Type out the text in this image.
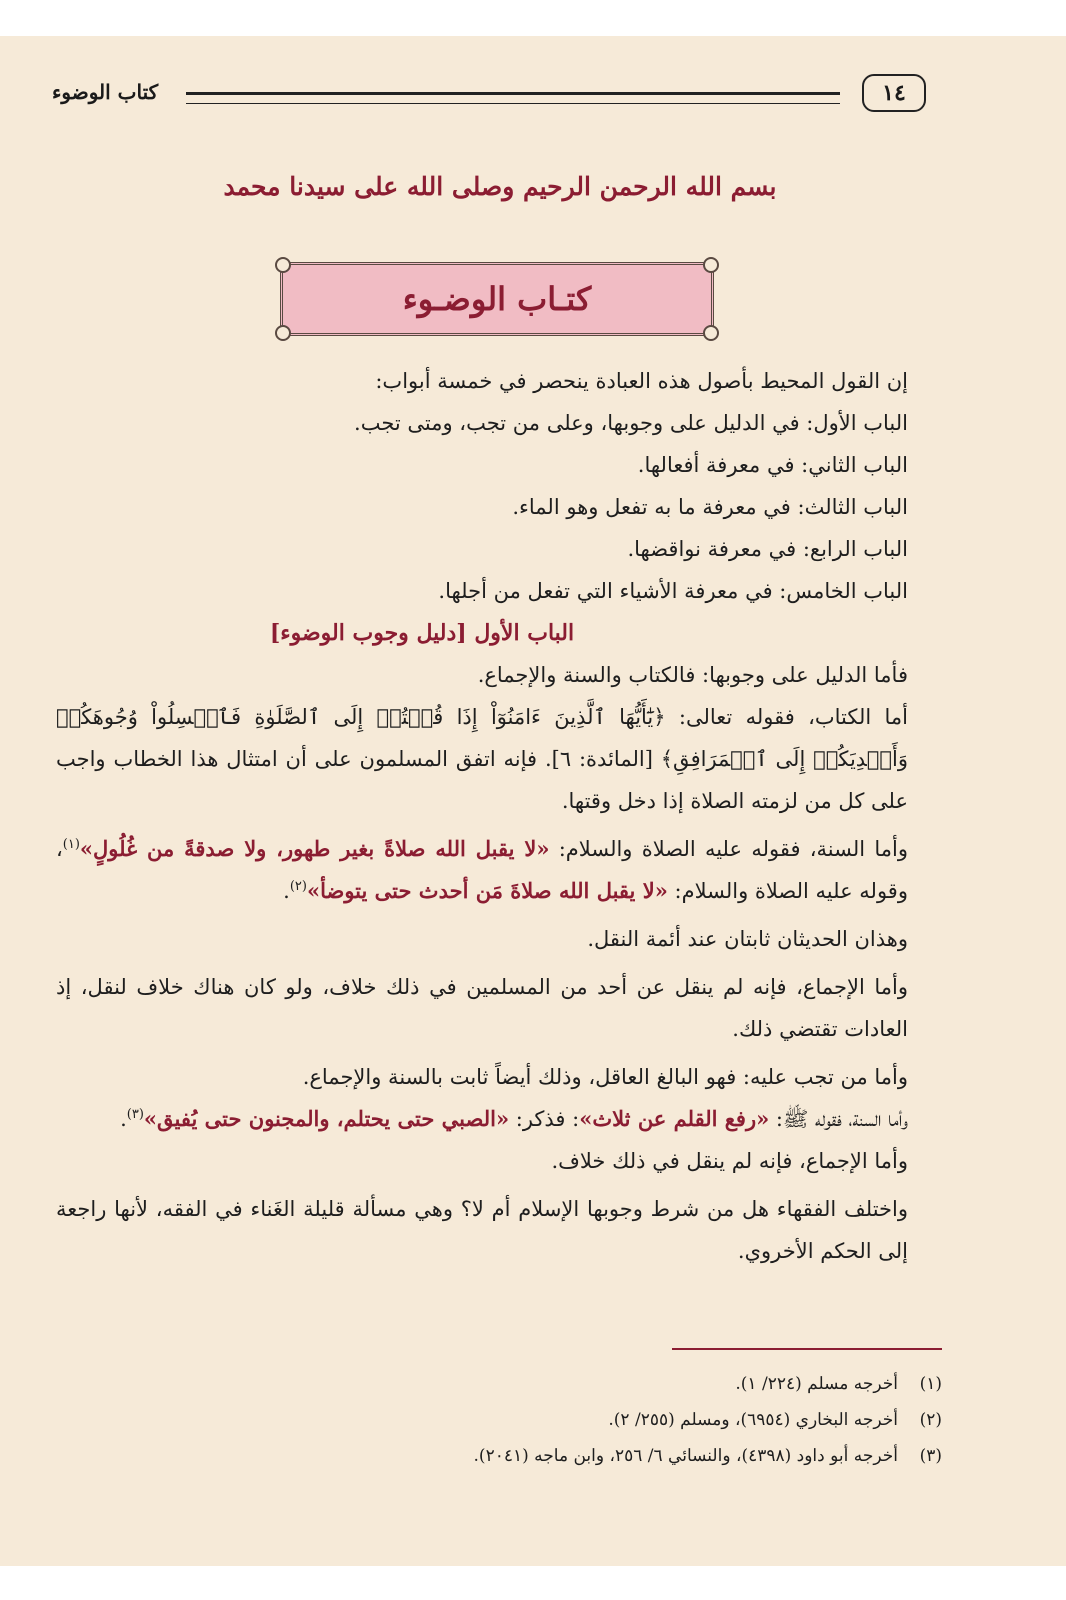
كتاب الوضوء	١٤
بسم الله الرحمن الرحيم وصلى الله على سيدنا محمد
كتـاب الوضـوء

إن القول المحيط بأصول هذه العبادة ينحصر في خمسة أبواب:

الباب الأول: في الدليل على وجوبها، وعلى من تجب، ومتى تجب.

الباب الثاني: في معرفة أفعالها.

الباب الثالث: في معرفة ما به تفعل وهو الماء.

الباب الرابع: في معرفة نواقضها.

الباب الخامس: في معرفة الأشياء التي تفعل من أجلها.

الباب الأول [دليل وجوب الوضوء]

فأما الدليل على وجوبها: فالكتاب والسنة والإجماع.

أما الكتاب، فقوله تعالى: ﴿يَٰٓأَيُّهَا ٱلَّذِينَ ءَامَنُوٓاْ إِذَا قُمۡتُمۡ إِلَى ٱلصَّلَوٰةِ فَٱغۡسِلُواْ وُجُوهَكُمۡ وَأَيۡدِيَكُمۡ إِلَى ٱلۡمَرَافِقِ﴾ [المائدة: ٦]. فإنه اتفق المسلمون على أن امتثال هذا الخطاب واجب على كل من لزمته الصلاة إذا دخل وقتها.

وأما السنة، فقوله عليه الصلاة والسلام: «لا يقبل الله صلاةً بغير طهور، ولا صدقةً من غُلُولٍ»$^{(١)}$، وقوله عليه الصلاة والسلام: «لا يقبل الله صلاةَ مَن أحدث حتى يتوضأ»$^{(٢)}$.

وهذان الحديثان ثابتان عند أئمة النقل.

وأما الإجماع، فإنه لم ينقل عن أحد من المسلمين في ذلك خلاف، ولو كان هناك خلاف لنقل، إذ العادات تقتضي ذلك.

وأما من تجب عليه: فهو البالغ العاقل، وذلك أيضاً ثابت بالسنة والإجماع.

وأما السنة، فقوله ﷺ: «رفع القلم عن ثلاث»: فذكر: «الصبي حتى يحتلم، والمجنون حتى يُفيق»$^{(٣)}$.

وأما الإجماع، فإنه لم ينقل في ذلك خلاف.

واختلف الفقهاء هل من شرط وجوبها الإسلام أم لا؟ وهي مسألة قليلة الغَناء في الفقه، لأنها راجعة إلى الحكم الأخروي.

(١)أخرجه مسلم (٢٢٤/ ١).

(٢)أخرجه البخاري (٦٩٥٤)، ومسلم (٢٥٥/ ٢).

(٣)أخرجه أبو داود (٤٣٩٨)، والنسائي ٦/ ٢٥٦، وابن ماجه (٢٠٤١).
